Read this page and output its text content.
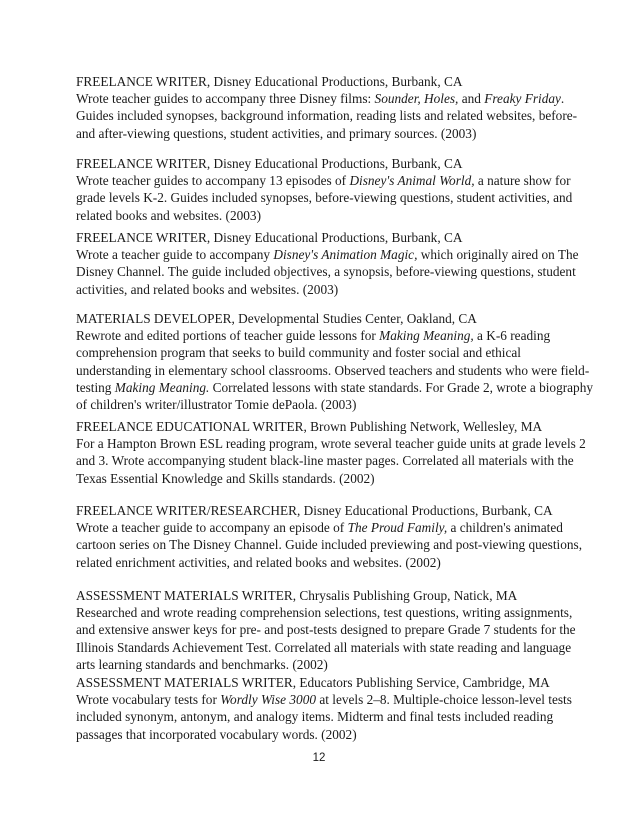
FREELANCE WRITER, Disney Educational Productions, Burbank, CA

Wrote teacher guides to accompany three Disney films: Sounder, Holes, and Freaky Friday.

Guides included synopses, background information, reading lists and related websites, before-

and after-viewing questions, student activities, and primary sources. (2003)

FREELANCE WRITER, Disney Educational Productions, Burbank, CA

Wrote teacher guides to accompany 13 episodes of Disney's Animal World, a nature show for

grade levels K-2. Guides included synopses, before-viewing questions, student activities, and

related books and websites. (2003)

FREELANCE WRITER, Disney Educational Productions, Burbank, CA

Wrote a teacher guide to accompany Disney's Animation Magic, which originally aired on The

Disney Channel. The guide included objectives, a synopsis, before-viewing questions, student

activities, and related books and websites. (2003)

MATERIALS DEVELOPER, Developmental Studies Center, Oakland, CA

Rewrote and edited portions of teacher guide lessons for Making Meaning, a K-6 reading

comprehension program that seeks to build community and foster social and ethical

understanding in elementary school classrooms. Observed teachers and students who were field-

testing Making Meaning. Correlated lessons with state standards. For Grade 2, wrote a biography

of children's writer/illustrator Tomie dePaola. (2003)

FREELANCE EDUCATIONAL WRITER, Brown Publishing Network, Wellesley, MA

For a Hampton Brown ESL reading program, wrote several teacher guide units at grade levels 2

and 3. Wrote accompanying student black-line master pages. Correlated all materials with the

Texas Essential Knowledge and Skills standards. (2002)

FREELANCE WRITER/RESEARCHER, Disney Educational Productions, Burbank, CA

Wrote a teacher guide to accompany an episode of The Proud Family, a children's animated

cartoon series on The Disney Channel. Guide included previewing and post-viewing questions,

related enrichment activities, and related books and websites. (2002)

ASSESSMENT MATERIALS WRITER, Chrysalis Publishing Group, Natick, MA

Researched and wrote reading comprehension selections, test questions, writing assignments,

and extensive answer keys for pre- and post-tests designed to prepare Grade 7 students for the

Illinois Standards Achievement Test. Correlated all materials with state reading and language

arts learning standards and benchmarks. (2002)

ASSESSMENT MATERIALS WRITER, Educators Publishing Service, Cambridge, MA

Wrote vocabulary tests for Wordly Wise 3000 at levels 2–8. Multiple-choice lesson-level tests

included synonym, antonym, and analogy items. Midterm and final tests included reading

passages that incorporated vocabulary words. (2002)

12
